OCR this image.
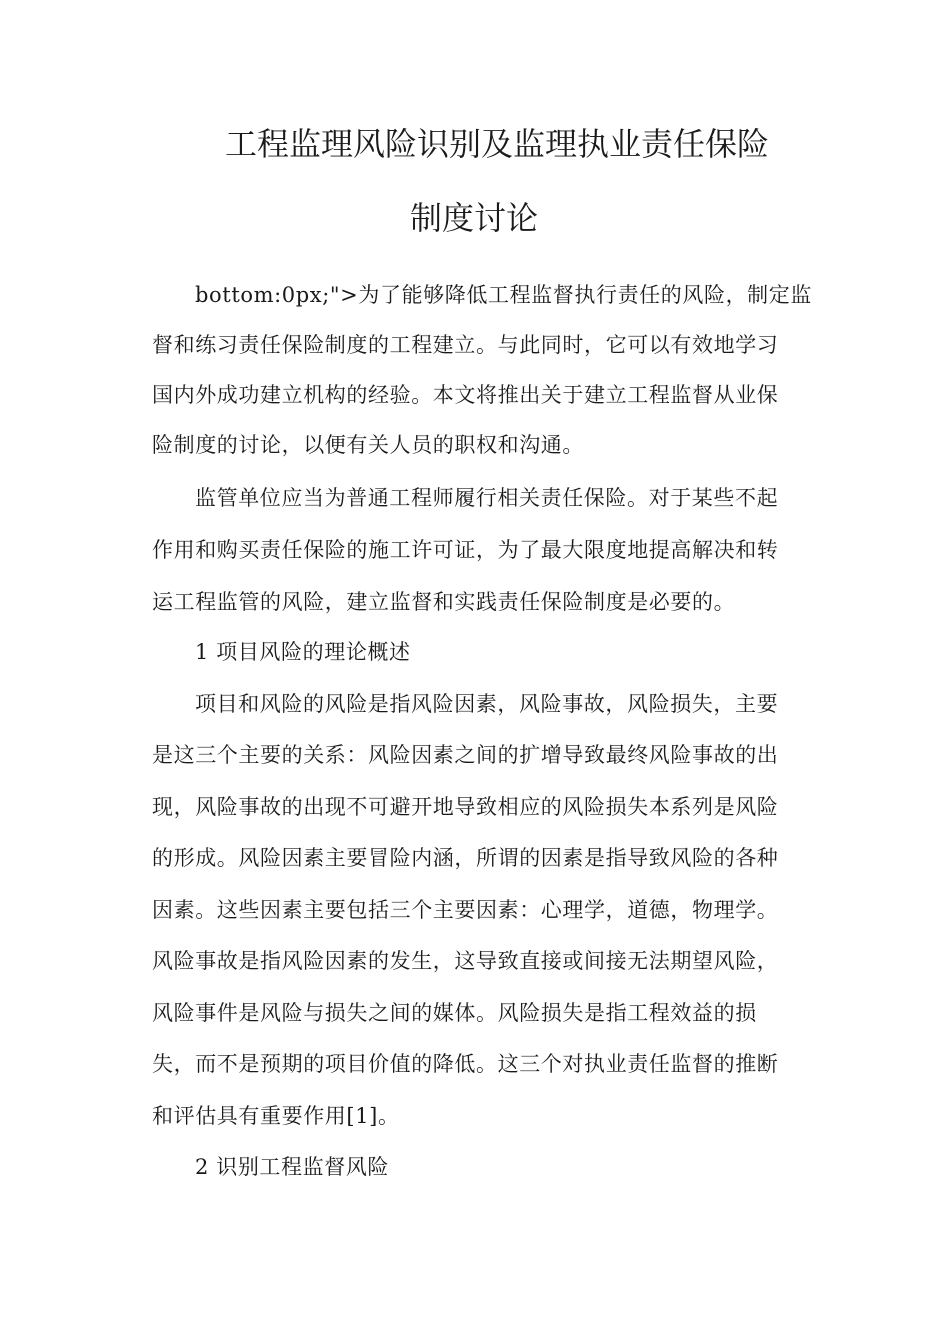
工程监理风险识别及监理执业责任保险
制度讨论
bottom:0px;">为了能够降低工程监督执行责任的风险，制定监
督和练习责任保险制度的工程建立。与此同时，它可以有效地学习
国内外成功建立机构的经验。本文将推出关于建立工程监督从业保
险制度的讨论，以便有关人员的职权和沟通。
监管单位应当为普通工程师履行相关责任保险。对于某些不起
作用和购买责任保险的施工许可证，为了最大限度地提高解决和转
运工程监管的风险，建立监督和实践责任保险制度是必要的。
1 项目风险的理论概述
项目和风险的风险是指风险因素，风险事故，风险损失，主要
是这三个主要的关系：风险因素之间的扩增导致最终风险事故的出
现，风险事故的出现不可避开地导致相应的风险损失本系列是风险
的形成。风险因素主要冒险内涵，所谓的因素是指导致风险的各种
因素。这些因素主要包括三个主要因素：心理学，道德，物理学。
风险事故是指风险因素的发生，这导致直接或间接无法期望风险，
风险事件是风险与损失之间的媒体。风险损失是指工程效益的损
失，而不是预期的项目价值的降低。这三个对执业责任监督的推断
和评估具有重要作用[1]。
2 识别工程监督风险
